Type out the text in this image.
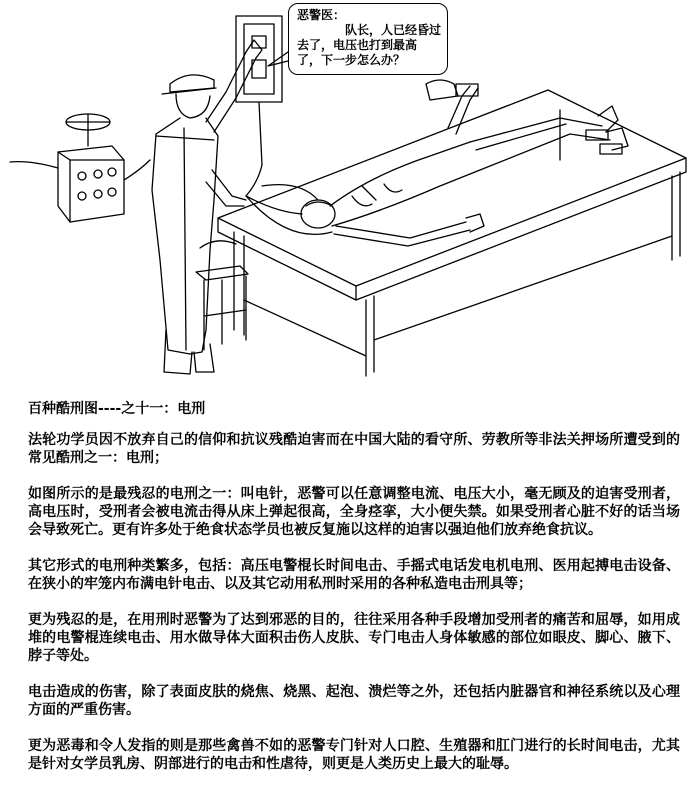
恶警医：
队长，人已经昏过
去了，电压也打到最高
了，下一步怎么办？
百种酷刑图----之十一：电刑

法轮功学员因不放弃自己的信仰和抗议残酷迫害而在中国大陆的看守所、劳教所等非法关押场所遭受到的常见酷刑之一：电刑；

如图所示的是最残忍的电刑之一：叫电针，恶警可以任意调整电流、电压大小，毫无顾及的迫害受刑者，高电压时，受刑者会被电流击得从床上弹起很高，全身痉挛，大小便失禁。如果受刑者心脏不好的话当场会导致死亡。更有许多处于绝食状态学员也被反复施以这样的迫害以强迫他们放弃绝食抗议。

其它形式的电刑种类繁多，包括：高压电警棍长时间电击、手摇式电话发电机电刑、医用起搏电击设备、在狭小的牢笼内布满电针电击、以及其它动用私刑时采用的各种私造电击刑具等；

更为残忍的是，在用刑时恶警为了达到邪恶的目的，往往采用各种手段增加受刑者的痛苦和屈辱，如用成堆的电警棍连续电击、用水做导体大面积击伤人皮肤、专门电击人身体敏感的部位如眼皮、脚心、腋下、脖子等处。

电击造成的伤害，除了表面皮肤的烧焦、烧黑、起泡、溃烂等之外，还包括内脏器官和神径系统以及心理方面的严重伤害。

更为恶毒和令人发指的则是那些禽兽不如的恶警专门针对人口腔、生殖器和肛门进行的长时间电击，尤其是针对女学员乳房、阴部进行的电击和性虐待，则更是人类历史上最大的耻辱。
